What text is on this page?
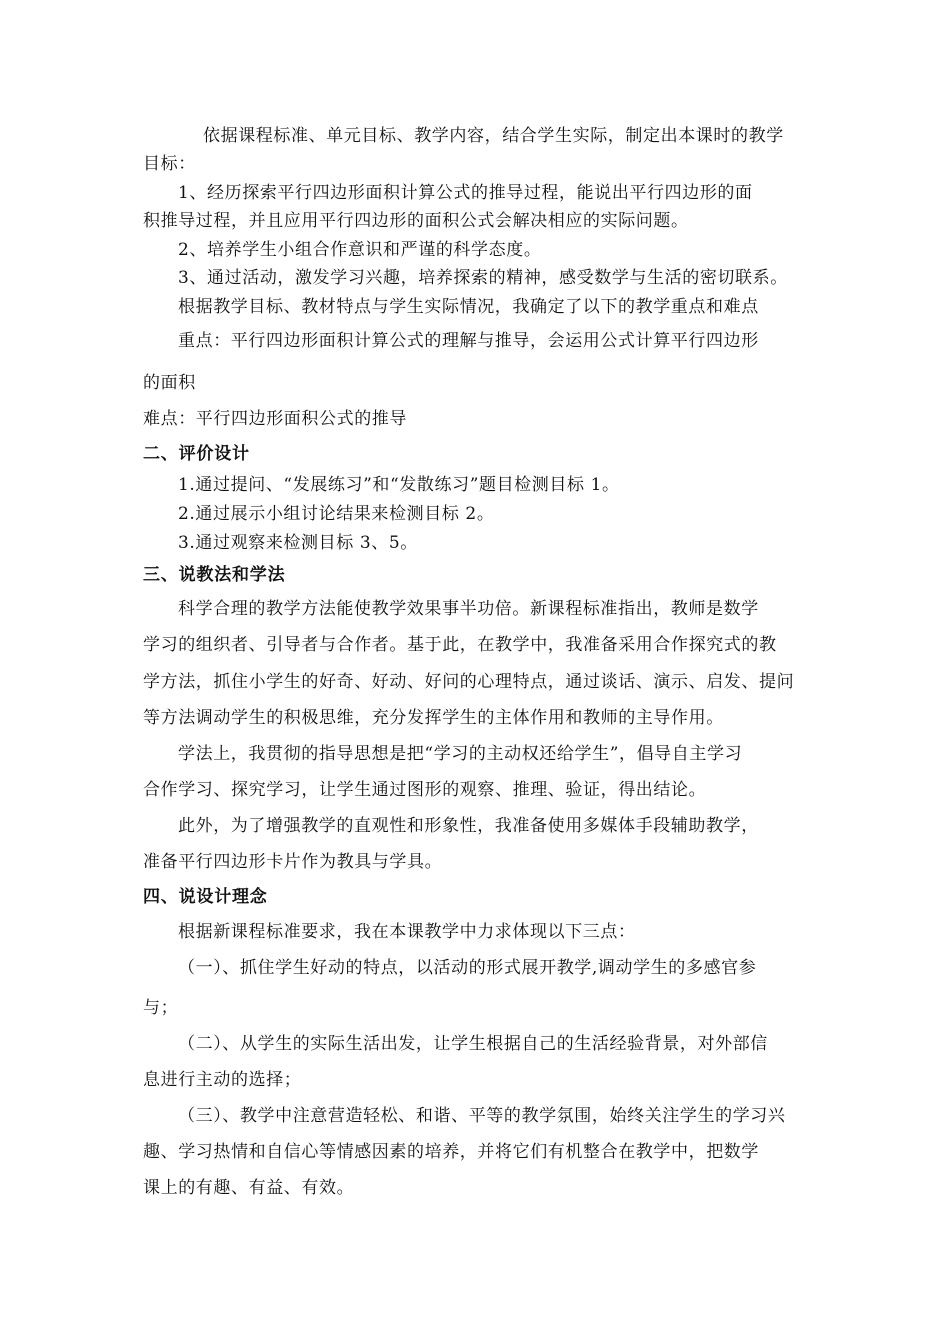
依据课程标准、单元目标、教学内容，结合学生实际，制定出本课时的教学
目标：
1、经历探索平行四边形面积计算公式的推导过程，能说出平行四边形的面
积推导过程，并且应用平行四边形的面积公式会解决相应的实际问题。
2、培养学生小组合作意识和严谨的科学态度。
3、通过活动，激发学习兴趣，培养探索的精神，感受数学与生活的密切联系。
根据教学目标、教材特点与学生实际情况，我确定了以下的教学重点和难点
重点：平行四边形面积计算公式的理解与推导，会运用公式计算平行四边形
的面积
难点：平行四边形面积公式的推导
二、评价设计
1.通过提问、“发展练习”和“发散练习”题目检测目标 1。
2.通过展示小组讨论结果来检测目标 2。
3.通过观察来检测目标 3、5。
三、说教法和学法
科学合理的教学方法能使教学效果事半功倍。新课程标准指出，教师是数学
学习的组织者、引导者与合作者。基于此，在教学中，我准备采用合作探究式的教
学方法，抓住小学生的好奇、好动、好问的心理特点，通过谈话、演示、启发、提问
等方法调动学生的积极思维，充分发挥学生的主体作用和教师的主导作用。
学法上，我贯彻的指导思想是把“学习的主动权还给学生”，倡导自主学习
合作学习、探究学习，让学生通过图形的观察、推理、验证，得出结论。
此外，为了增强教学的直观性和形象性，我准备使用多媒体手段辅助教学，
准备平行四边形卡片作为教具与学具。
四、说设计理念
根据新课程标准要求，我在本课教学中力求体现以下三点：
（一）、抓住学生好动的特点，以活动的形式展开教学,调动学生的多感官参
与；
（二）、从学生的实际生活出发，让学生根据自己的生活经验背景，对外部信
息进行主动的选择；
（三）、教学中注意营造轻松、和谐、平等的教学氛围，始终关注学生的学习兴
趣、学习热情和自信心等情感因素的培养，并将它们有机整合在教学中，把数学
课上的有趣、有益、有效。
